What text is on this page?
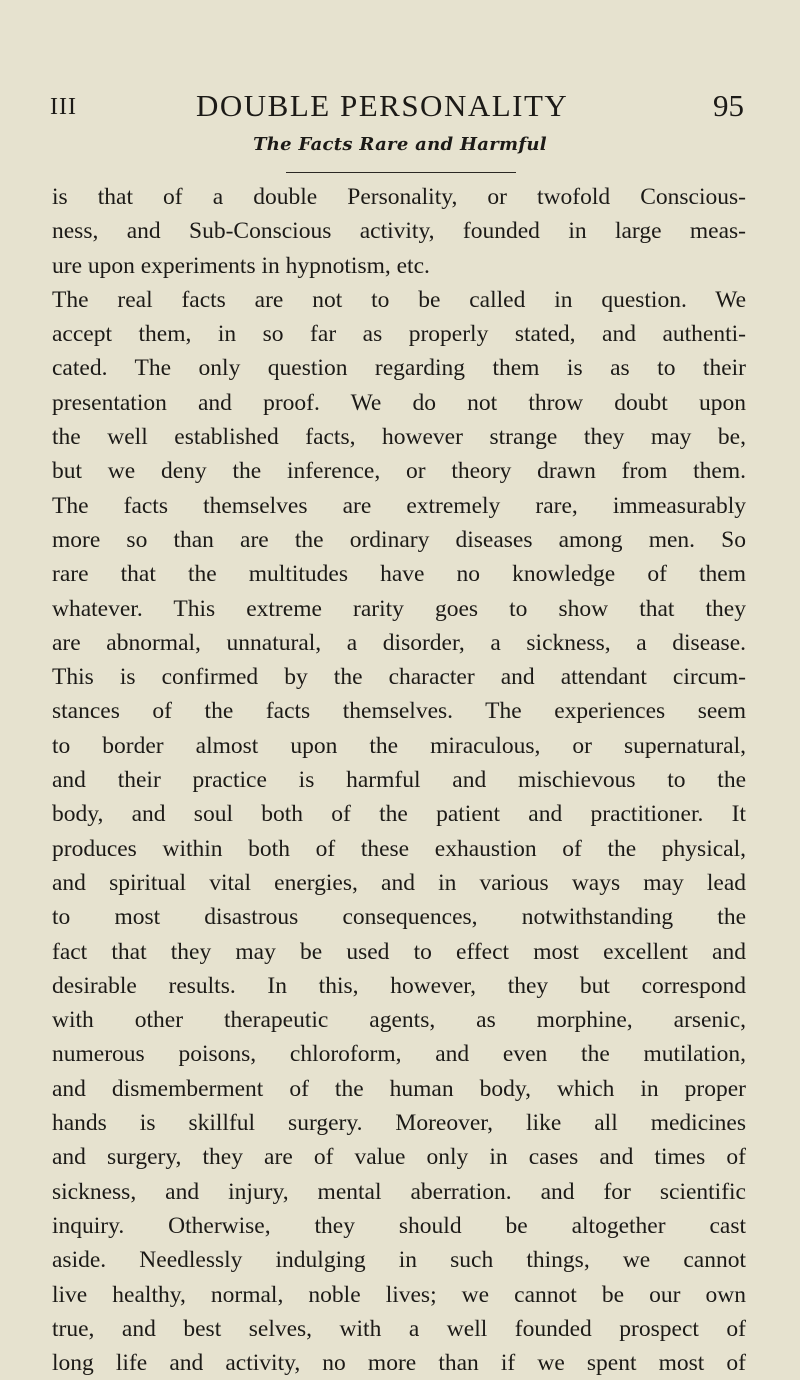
III	DOUBLE PERSONALITY	95
The Facts Rare and Harmful
is that of a double Personality, or twofold Conscious-
ness, and Sub-Conscious activity, founded in large meas-
ure upon experiments in hypnotism, etc.
The real facts are not to be called in question. We
accept them, in so far as properly stated, and authenti-
cated. The only question regarding them is as to their
presentation and proof. We do not throw doubt upon
the well established facts, however strange they may be,
but we deny the inference, or theory drawn from them.
The facts themselves are extremely rare, immeasurably
more so than are the ordinary diseases among men. So
rare that the multitudes have no knowledge of them
whatever. This extreme rarity goes to show that they
are abnormal, unnatural, a disorder, a sickness, a disease.
This is confirmed by the character and attendant circum-
stances of the facts themselves. The experiences seem
to border almost upon the miraculous, or supernatural,
and their practice is harmful and mischievous to the
body, and soul both of the patient and practitioner. It
produces within both of these exhaustion of the physical,
and spiritual vital energies, and in various ways may lead
to most disastrous consequences, notwithstanding the
fact that they may be used to effect most excellent and
desirable results. In this, however, they but correspond
with other therapeutic agents, as morphine, arsenic,
numerous poisons, chloroform, and even the mutilation,
and dismemberment of the human body, which in proper
hands is skillful surgery. Moreover, like all medicines
and surgery, they are of value only in cases and times of
sickness, and injury, mental aberration. and for scientific
inquiry. Otherwise, they should be altogether cast
aside. Needlessly indulging in such things, we cannot
live healthy, normal, noble lives; we cannot be our own
true, and best selves, with a well founded prospect of
long life and activity, no more than if we spent most of
